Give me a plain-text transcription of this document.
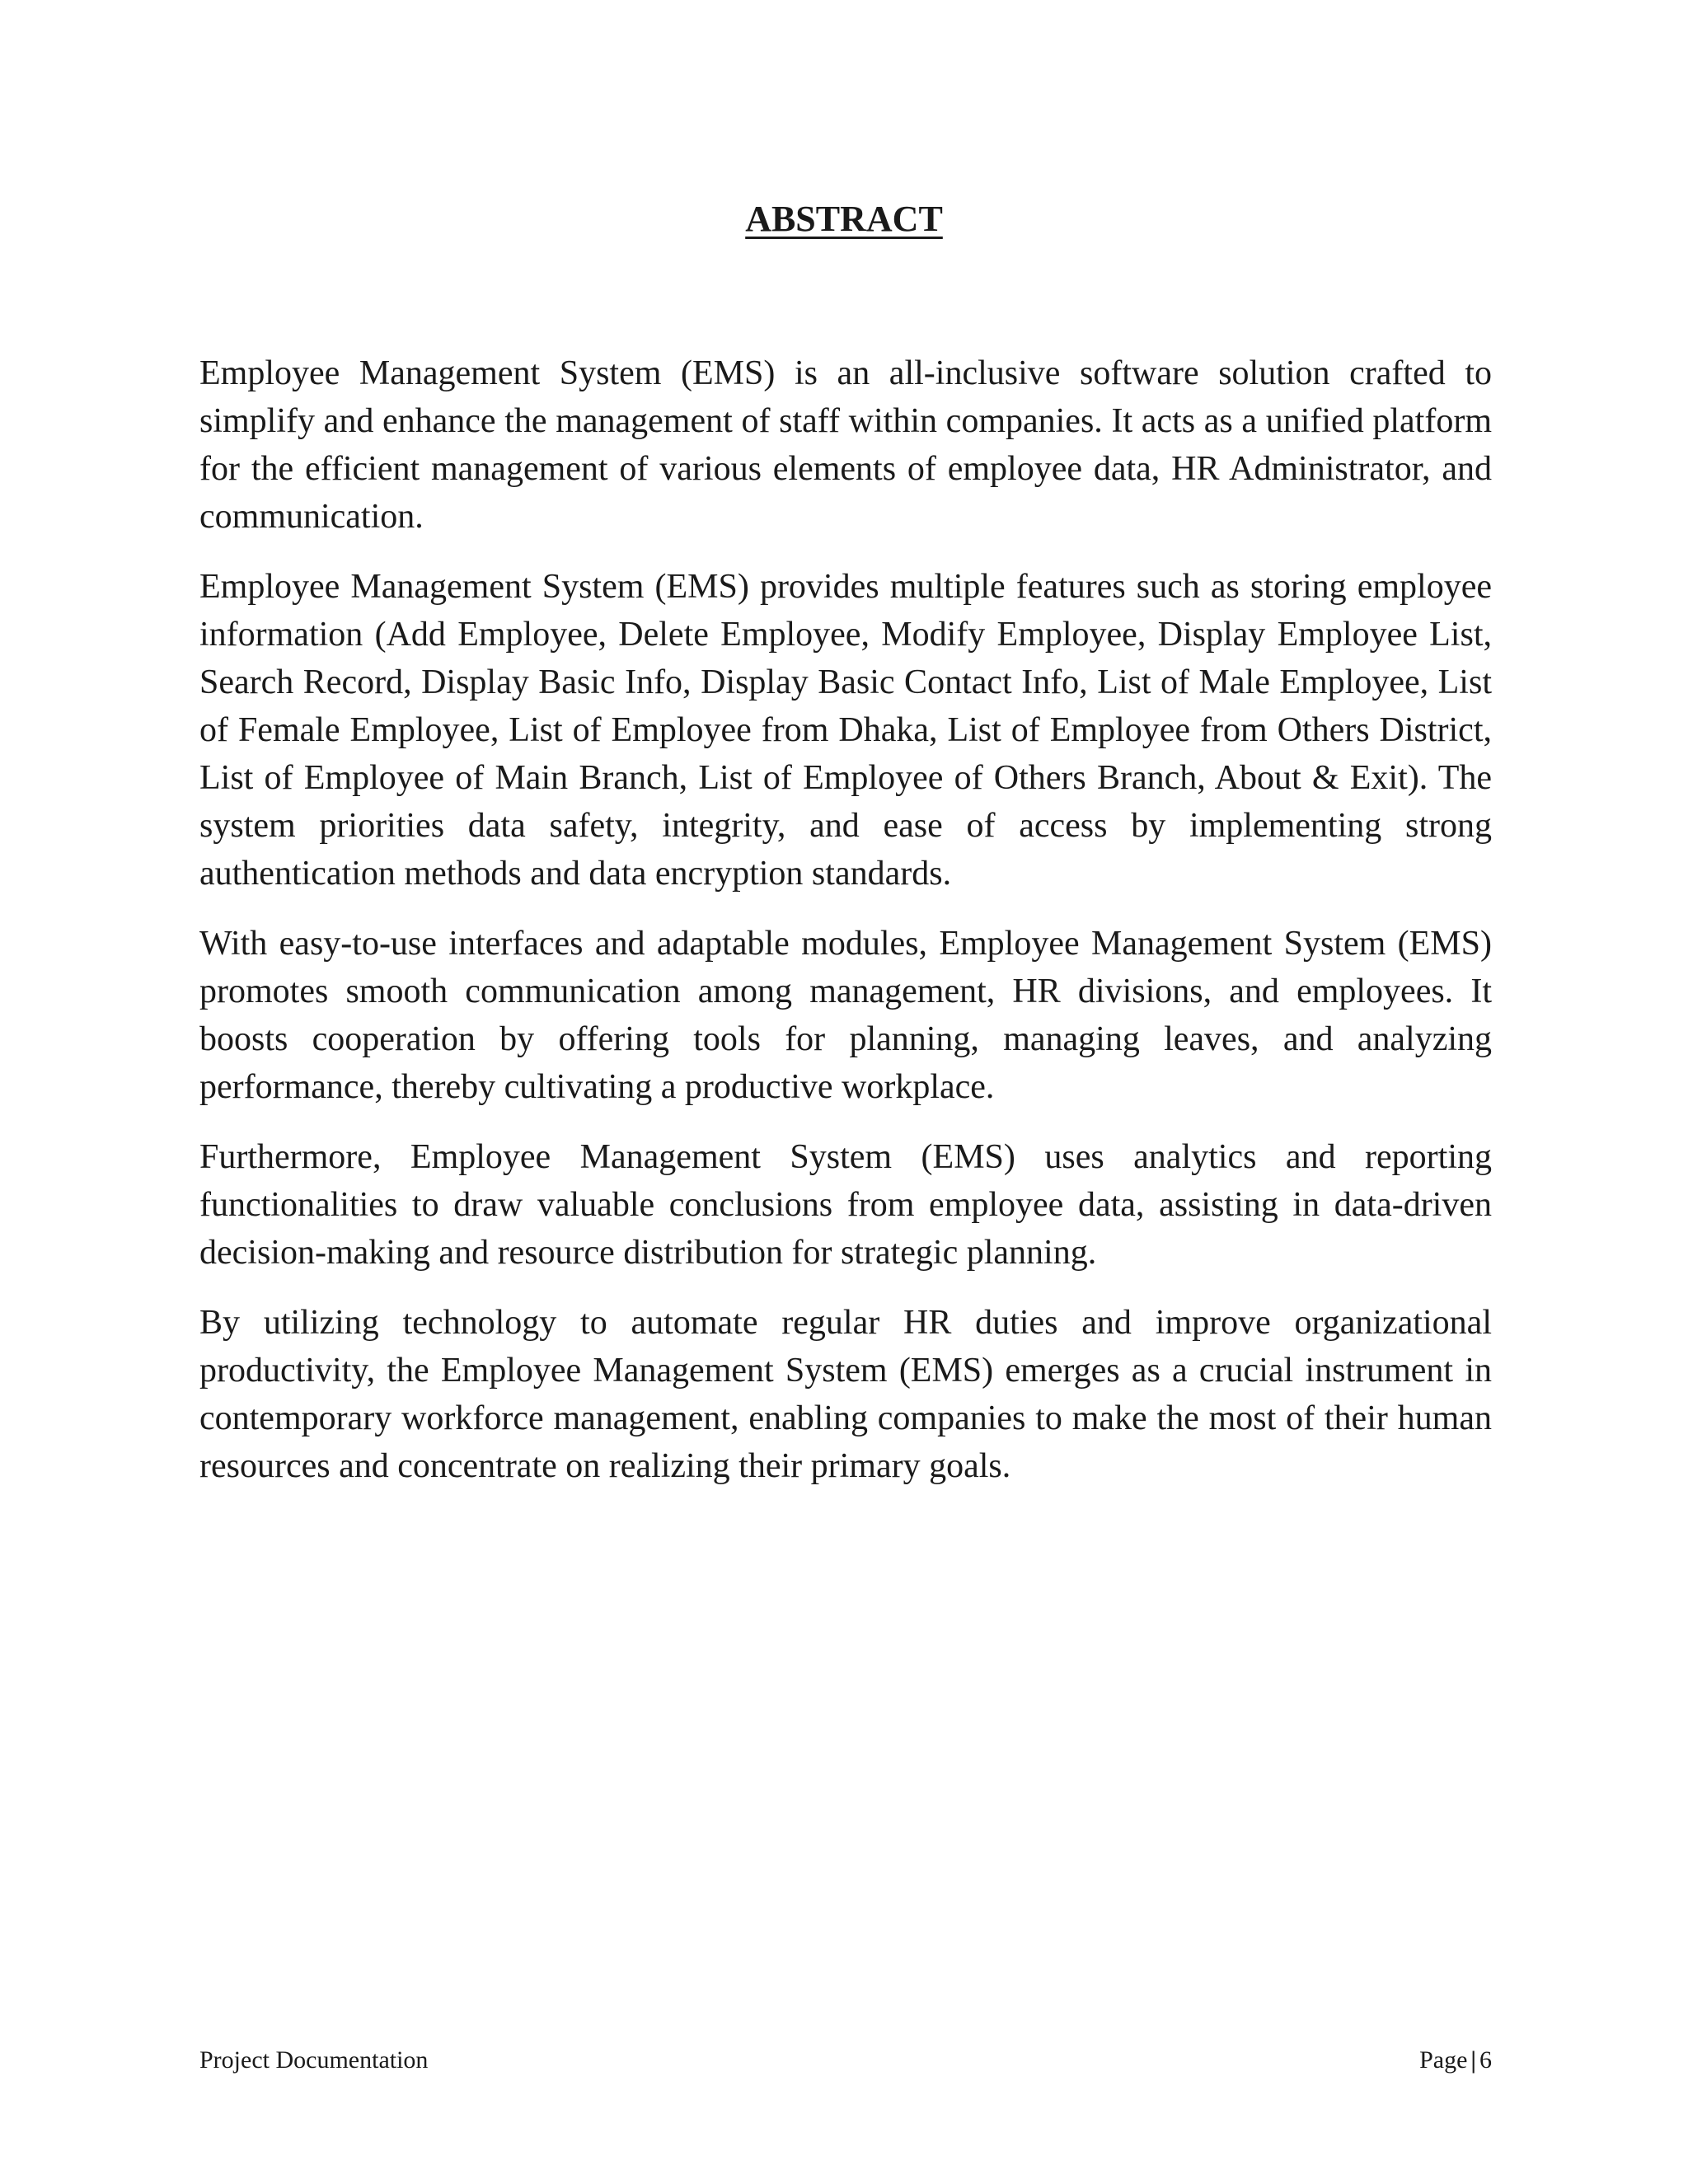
ABSTRACT

Employee Management System (EMS) is an all-inclusive software solution crafted to simplify and enhance the management of staff within companies. It acts as a unified platform for the efficient management of various elements of employee data, HR Administrator, and communication.

Employee Management System (EMS) provides multiple features such as storing employee information (Add Employee, Delete Employee, Modify Employee, Display Employee List, Search Record, Display Basic Info, Display Basic Contact Info, List of Male Employee, List of Female Employee, List of Employee from Dhaka, List of Employee from Others District, List of Employee of Main Branch, List of Employee of Others Branch, About & Exit). The system priorities data safety, integrity, and ease of access by implementing strong authentication methods and data encryption standards.

With easy-to-use interfaces and adaptable modules, Employee Management System (EMS) promotes smooth communication among management, HR divisions, and employees. It boosts cooperation by offering tools for planning, managing leaves, and analyzing performance, thereby cultivating a productive workplace.

Furthermore, Employee Management System (EMS) uses analytics and reporting functionalities to draw valuable conclusions from employee data, assisting in data-driven decision-making and resource distribution for strategic planning.

By utilizing technology to automate regular HR duties and improve organizational productivity, the Employee Management System (EMS) emerges as a crucial instrument in contemporary workforce management, enabling companies to make the most of their human resources and concentrate on realizing their primary goals.

Project Documentation	Page | 6
